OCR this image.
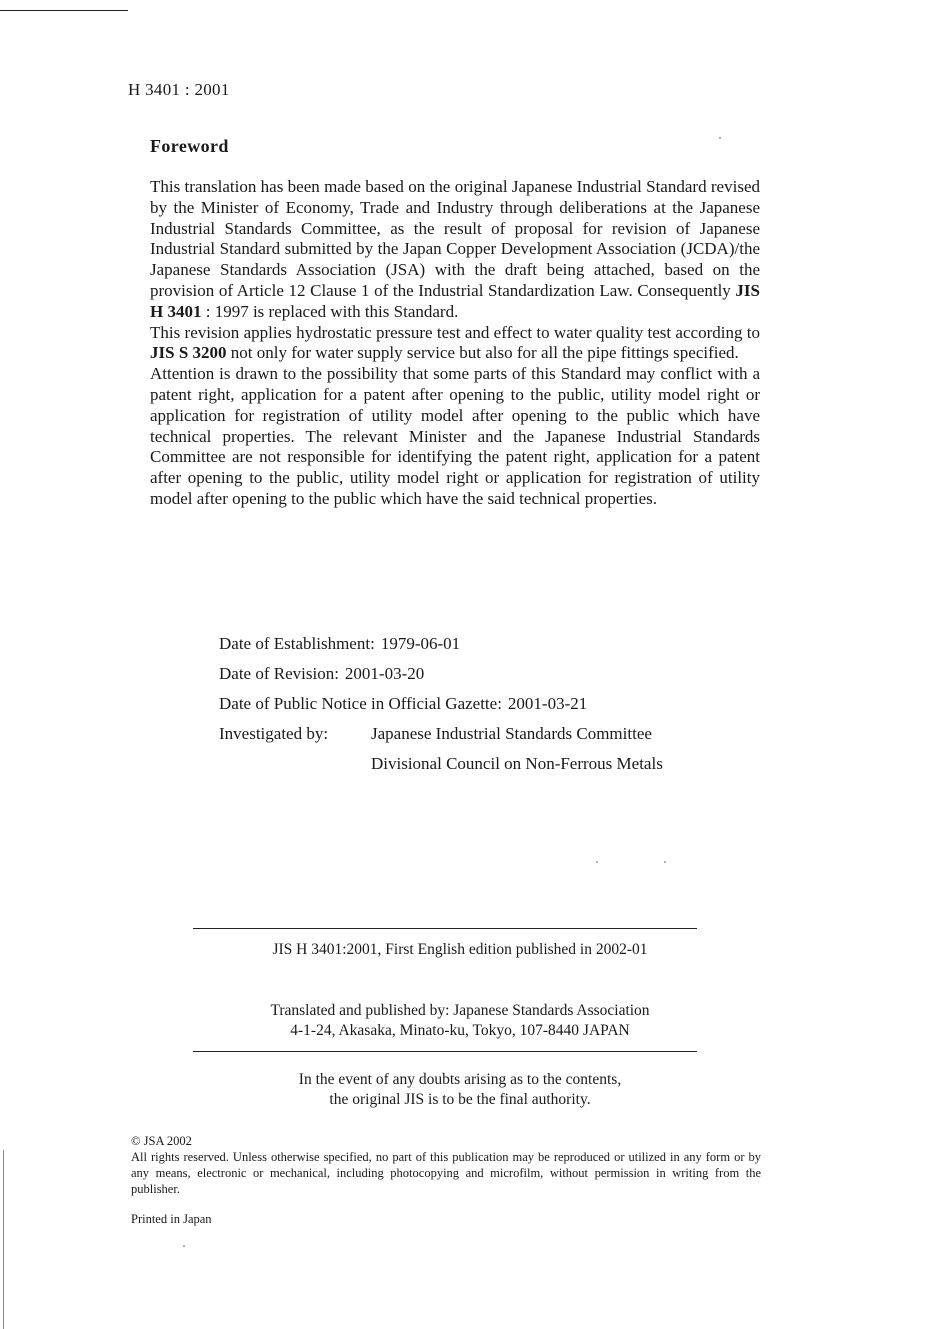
H 3401 : 2001
Foreword

This translation has been made based on the original Japanese Industrial Standard revised by the Minister of Economy, Trade and Industry through deliberations at the Japanese Industrial Standards Committee, as the result of proposal for revision of Japanese Industrial Standard submitted by the Japan Copper Development Association (JCDA)/the Japanese Standards Association (JSA) with the draft being attached, based on the provision of Article 12 Clause 1 of the Industrial Standardization Law. Consequently JIS H 3401 : 1997 is replaced with this Standard.

This revision applies hydrostatic pressure test and effect to water quality test according to JIS S 3200 not only for water supply service but also for all the pipe fittings specified.

Attention is drawn to the possibility that some parts of this Standard may conflict with a patent right, application for a patent after opening to the public, utility model right or application for registration of utility model after opening to the public which have technical properties. The relevant Minister and the Japanese Industrial Standards Committee are not responsible for identifying the patent right, application for a patent after opening to the public, utility model right or application for registration of utility model after opening to the public which have the said technical properties.

Date of Establishment: 1979-06-01
Date of Revision: 2001-03-20
Date of Public Notice in Official Gazette: 2001-03-21
Investigated by:	Japanese Industrial Standards Committee
Divisional Council on Non-Ferrous Metals
JIS H 3401:2001, First English edition published in 2002-01
Translated and published by: Japanese Standards Association
4-1-24, Akasaka, Minato-ku, Tokyo, 107-8440 JAPAN
In the event of any doubts arising as to the contents,
the original JIS is to be the final authority.
© JSA 2002

All rights reserved. Unless otherwise specified, no part of this publication may be reproduced or utilized in any form or by any means, electronic or mechanical, including photocopying and microfilm, without permission in writing from the publisher.

Printed in Japan
